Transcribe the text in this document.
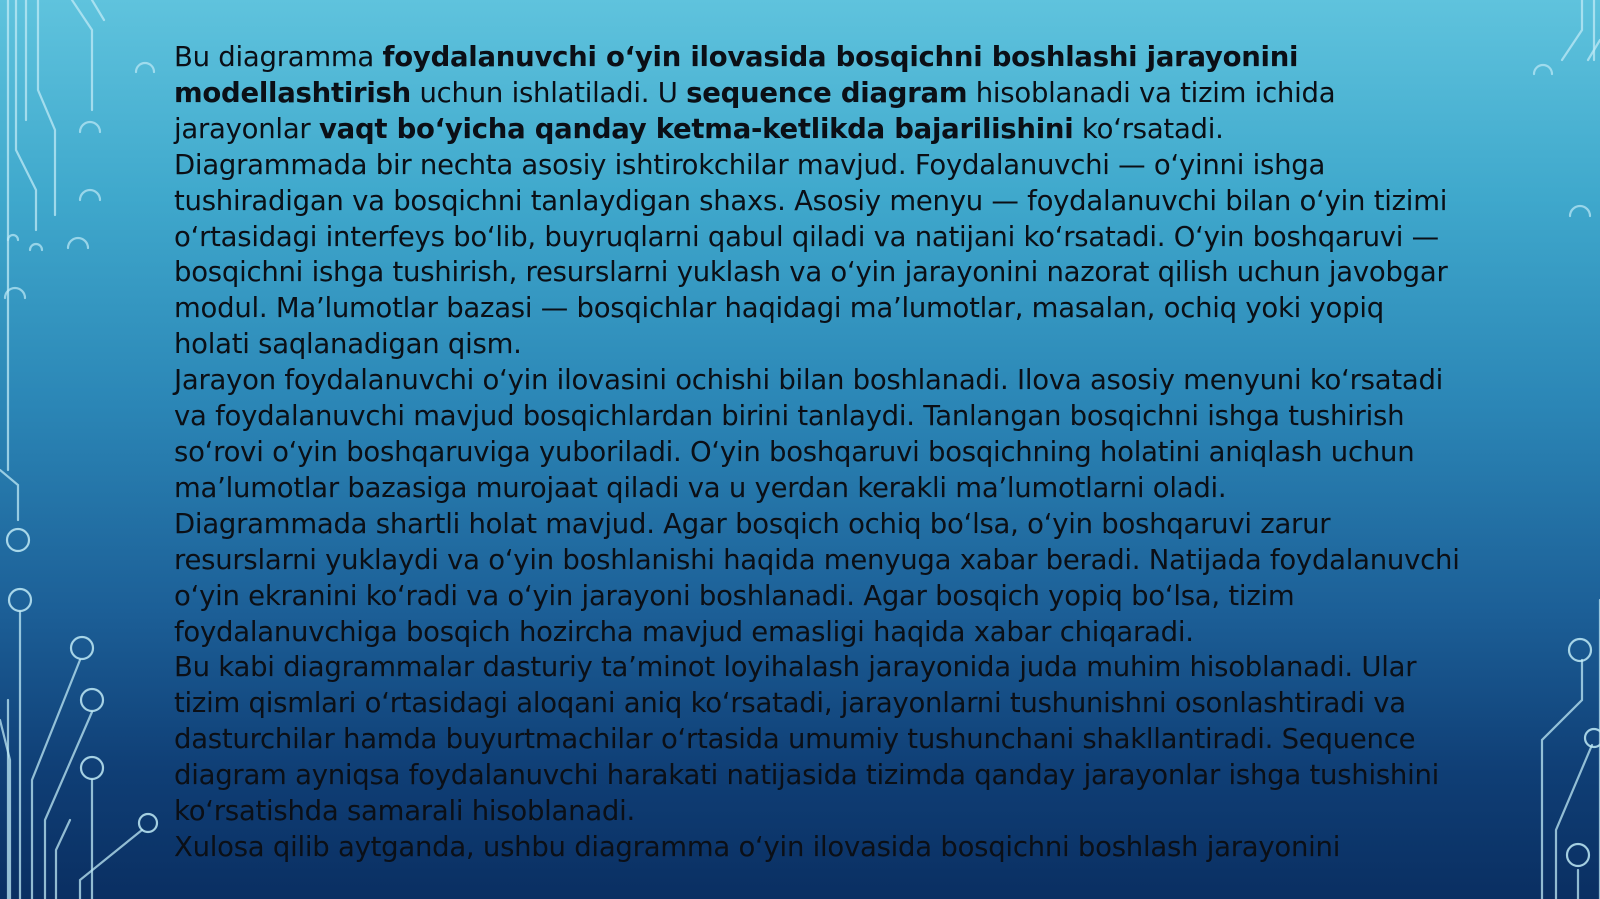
Bu diagramma foydalanuvchi o‘yin ilovasida bosqichni boshlashi jarayonini modellashtirish uchun ishlatiladi. U sequence diagram hisoblanadi va tizim ichida jarayonlar vaqt bo‘yicha qanday ketma-ketlikda bajarilishini ko‘rsatadi.

Diagrammada bir nechta asosiy ishtirokchilar mavjud. Foydalanuvchi — o‘yinni ishga tushiradigan va bosqichni tanlaydigan shaxs. Asosiy menyu — foydalanuvchi bilan o‘yin tizimi o‘rtasidagi interfeys bo‘lib, buyruqlarni qabul qiladi va natijani ko‘rsatadi. O‘yin boshqaruvi — bosqichni ishga tushirish, resurslarni yuklash va o‘yin jarayonini nazorat qilish uchun javobgar modul. Ma’lumotlar bazasi — bosqichlar haqidagi ma’lumotlar, masalan, ochiq yoki yopiq holati saqlanadigan qism.

Jarayon foydalanuvchi o‘yin ilovasini ochishi bilan boshlanadi. Ilova asosiy menyuni ko‘rsatadi va foydalanuvchi mavjud bosqichlardan birini tanlaydi. Tanlangan bosqichni ishga tushirish so‘rovi o‘yin boshqaruviga yuboriladi. O‘yin boshqaruvi bosqichning holatini aniqlash uchun ma’lumotlar bazasiga murojaat qiladi va u yerdan kerakli ma’lumotlarni oladi.

Diagrammada shartli holat mavjud. Agar bosqich ochiq bo‘lsa, o‘yin boshqaruvi zarur resurslarni yuklaydi va o‘yin boshlanishi haqida menyuga xabar beradi. Natijada foydalanuvchi o‘yin ekranini ko‘radi va o‘yin jarayoni boshlanadi. Agar bosqich yopiq bo‘lsa, tizim foydalanuvchiga bosqich hozircha mavjud emasligi haqida xabar chiqaradi.

Bu kabi diagrammalar dasturiy ta’minot loyihalash jarayonida juda muhim hisoblanadi. Ular tizim qismlari o‘rtasidagi aloqani aniq ko‘rsatadi, jarayonlarni tushunishni osonlashtiradi va dasturchilar hamda buyurtmachilar o‘rtasida umumiy tushunchani shakllantiradi. Sequence diagram ayniqsa foydalanuvchi harakati natijasida tizimda qanday jarayonlar ishga tushishini ko‘rsatishda samarali hisoblanadi.

Xulosa qilib aytganda, ushbu diagramma o‘yin ilovasida bosqichni boshlash jarayonini
